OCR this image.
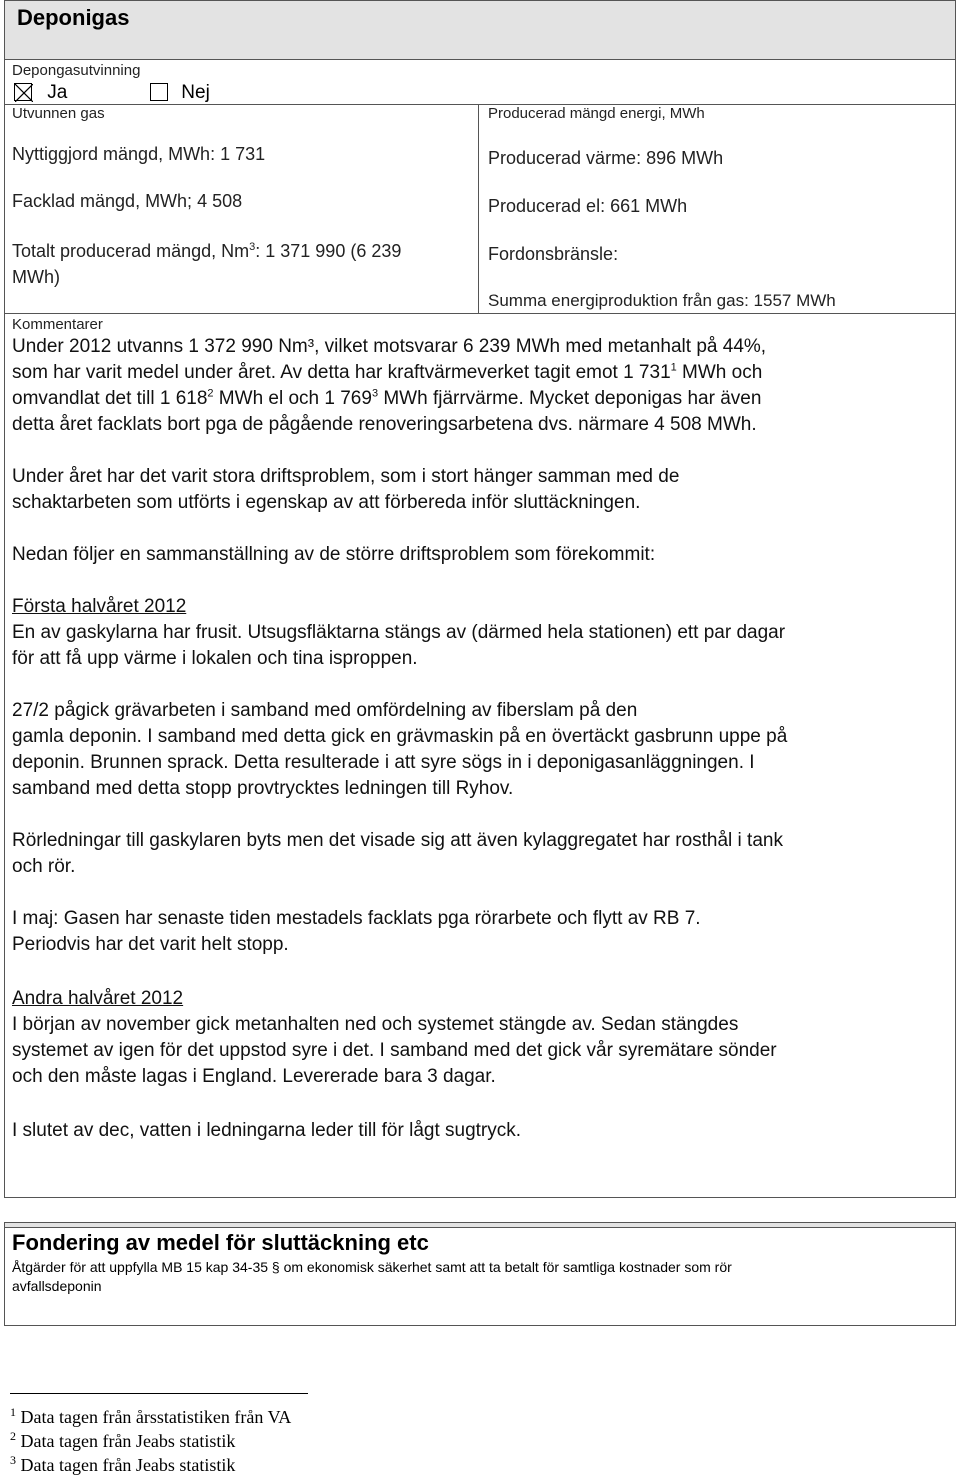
Deponigas
Depongasutvinning
Ja	Nej
Utvunnen gas
Nyttiggjord mängd, MWh: 1 731
Facklad mängd, MWh; 4 508
Totalt producerad mängd, Nm$^3$: 1 371 990 (6 239
MWh)
Producerad mängd energi, MWh
Producerad värme: 896 MWh
Producerad el: 661 MWh
Fordonsbränsle:
Summa energiproduktion från gas: 1557 MWh
Kommentarer
Under 2012 utvanns 1 372 990 Nm³, vilket motsvarar 6 239 MWh med metanhalt på 44%,
som har varit medel under året. Av detta har kraftvärmeverket tagit emot 1 $731^1$ MWh och
omvandlat det till 1 $618^2$ MWh el och 1 $769^3$ MWh fjärrvärme. Mycket deponigas har även
detta året facklats bort pga de pågående renoveringsarbetena dvs. närmare 4 508 MWh.
Under året har det varit stora driftsproblem, som i stort hänger samman med de
schaktarbeten som utförts i egenskap av att förbereda inför sluttäckningen.
Nedan följer en sammanställning av de större driftsproblem som förekommit:
Första halvåret 2012
En av gaskylarna har frusit. Utsugsfläktarna stängs av (därmed hela stationen) ett par dagar
för att få upp värme i lokalen och tina isproppen.
27/2 pågick grävarbeten i samband med omfördelning av fiberslam på den
gamla deponin. I samband med detta gick en grävmaskin på en övertäckt gasbrunn uppe på
deponin. Brunnen sprack. Detta resulterade i att syre sögs in i deponigasanläggningen. I
samband med detta stopp provtrycktes ledningen till Ryhov.
Rörledningar till gaskylaren byts men det visade sig att även kylaggregatet har rosthål i tank
och rör.
I maj: Gasen har senaste tiden mestadels facklats pga rörarbete och flytt av RB 7.
Periodvis har det varit helt stopp.
Andra halvåret 2012
I början av november gick metanhalten ned och systemet stängde av. Sedan stängdes
systemet av igen för det uppstod syre i det. I samband med det gick vår syremätare sönder
och den måste lagas i England. Levererade bara 3 dagar.
I slutet av dec, vatten i ledningarna leder till för lågt sugtryck.
Fondering av medel för sluttäckning etc
Åtgärder för att uppfylla MB 15 kap 34-35 § om ekonomisk säkerhet samt att ta betalt för samtliga kostnader som rör
avfallsdeponin
$^1$ Data tagen från årsstatistiken från VA
$^2$ Data tagen från Jeabs statistik
$^3$ Data tagen från Jeabs statistik
